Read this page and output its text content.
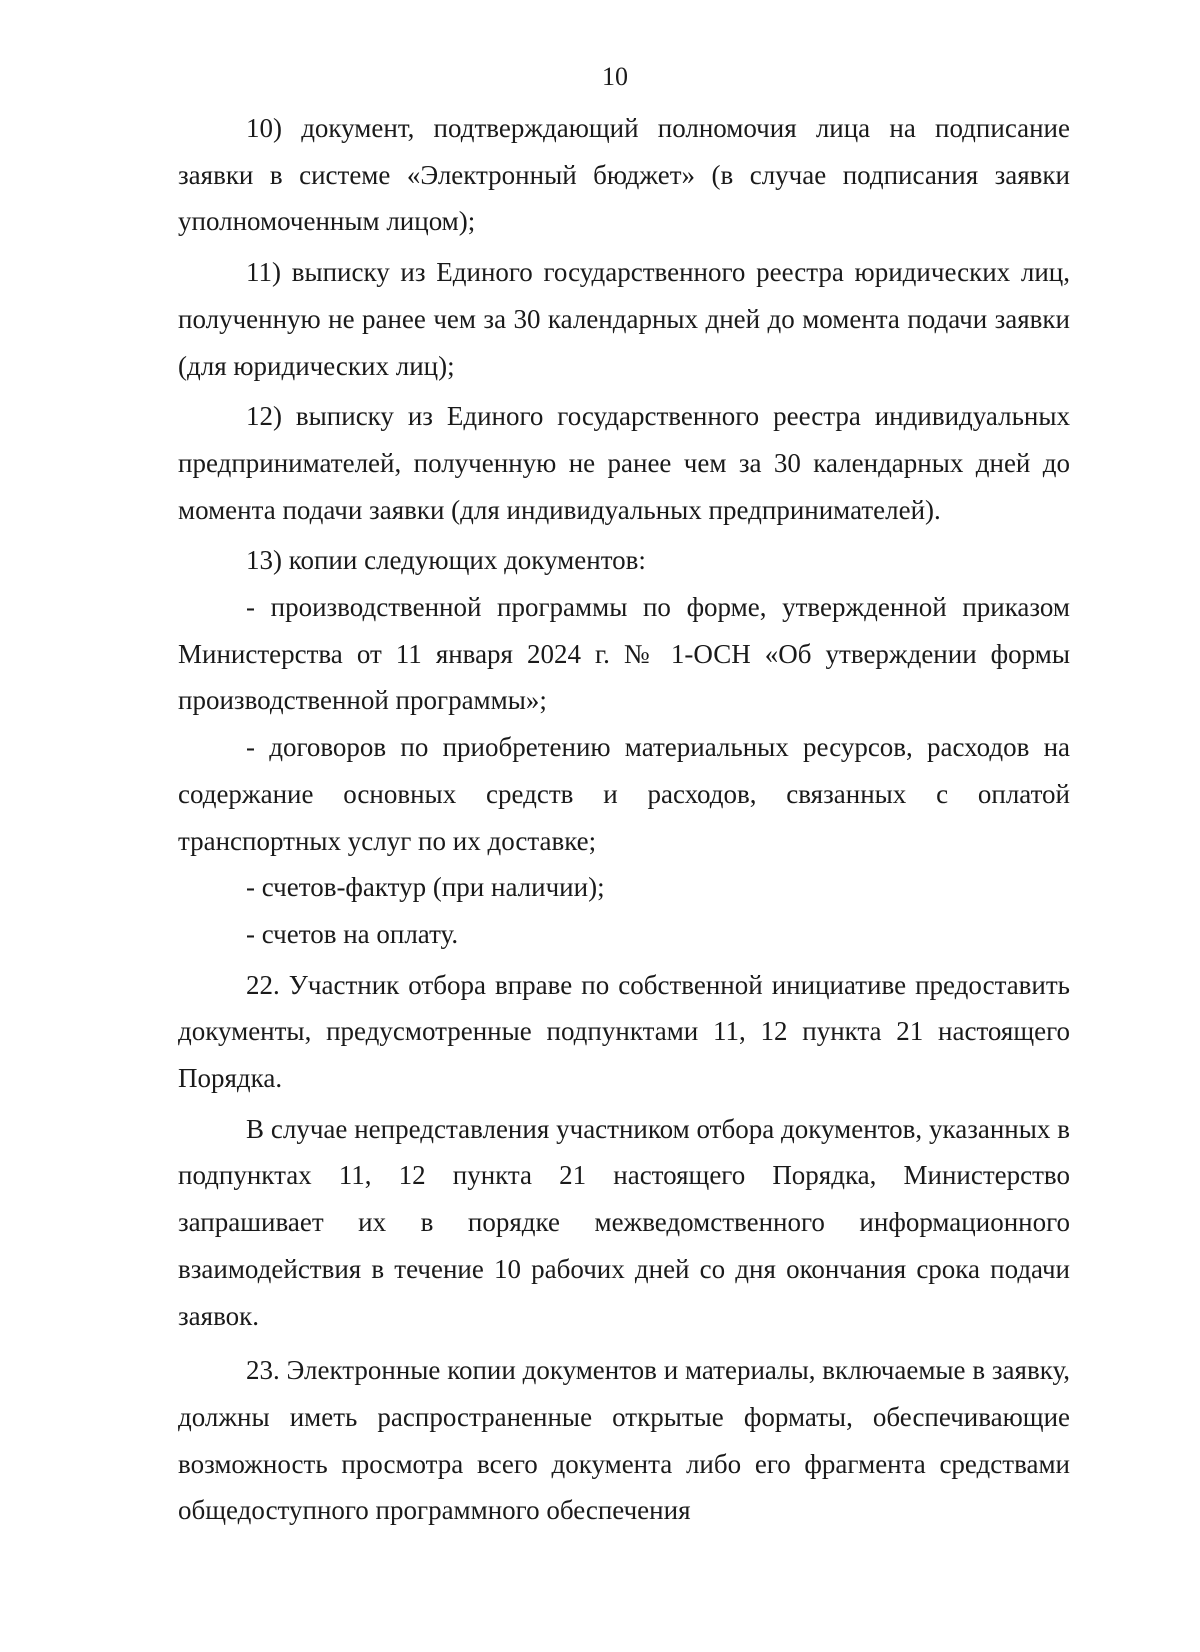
10

10) документ, подтверждающий полномочия лица на подписание заявки в системе «Электронный бюджет» (в случае подписания заявки уполномоченным лицом);

11) выписку из Единого государственного реестра юридических лиц, полученную не ранее чем за 30 календарных дней до момента подачи заявки (для юридических лиц);

12) выписку из Единого государственного реестра индивидуальных предпринимателей, полученную не ранее чем за 30 календарных дней до момента подачи заявки (для индивидуальных предпринимателей).

13) копии следующих документов:

- производственной программы по форме, утвержденной приказом Министерства от 11 января 2024 г. № 1-ОСН «Об утверждении формы производственной программы»;

- договоров по приобретению материальных ресурсов, расходов на содержание основных средств и расходов, связанных с оплатой транспортных услуг по их доставке;

- счетов-фактур (при наличии);

- счетов на оплату.

22. Участник отбора вправе по собственной инициативе предоставить документы, предусмотренные подпунктами 11, 12 пункта 21 настоящего Порядка.

В случае непредставления участником отбора документов, указанных в подпунктах 11, 12 пункта 21 настоящего Порядка, Министерство запрашивает их в порядке межведомственного информационного взаимодействия в течение 10 рабочих дней со дня окончания срока подачи заявок.

23. Электронные копии документов и материалы, включаемые в заявку, должны иметь распространенные открытые форматы, обеспечивающие возможность просмотра всего документа либо его фрагмента средствами общедоступного программного обеспечения
